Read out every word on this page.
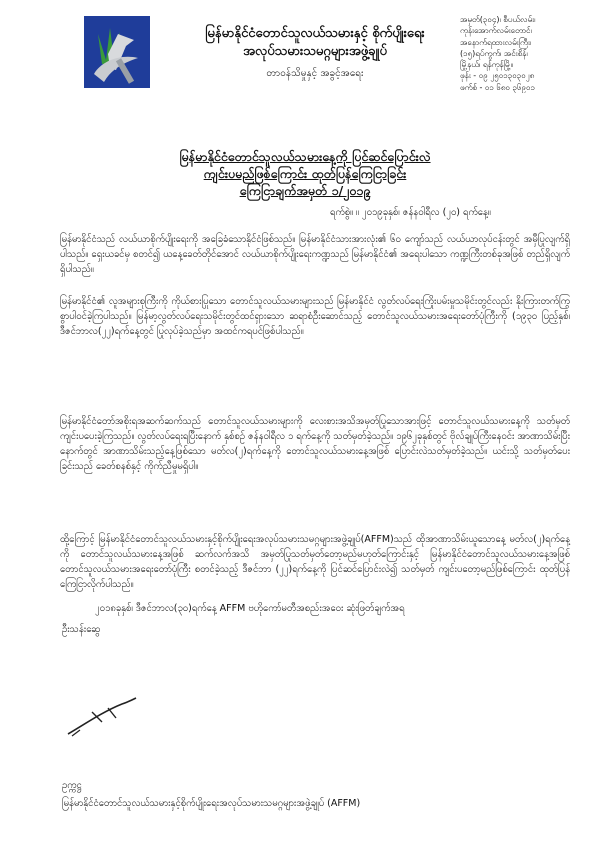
မြန်မာနိုင်ငံတောင်သူလယ်သမားနှင့် စိုက်ပျိုးရေး
အလုပ်သမားသမဂ္ဂများအဖွဲ့ချုပ်
တာဝန်သိမှုနှင့် အခွင့်အရေး
အမှတ်(၃၀၄)၊ စီပယ်လမ်း၊
ကုန်းအောက်လမ်းတောင်၊
အနောက်ရထားလမ်းကြီး၊
(၁၅)ရပ်ကွက်၊ အင်းစိန်၊
မြို့နယ်၊ ရန်ကုန်မြို့။
ဖုန်း - ၀၉ ၂၅၀၁၃၀၃၀၂၈
ဖက်စ် - ၀၁ ၆၈၀ ၃၆၉၀၁
မြန်မာနိုင်ငံတောင်သူလယ်သမားနေ့ကို ပြင်ဆင်ပြောင်းလဲ
ကျင်းပမည်ဖြစ်ကြောင်း ထုတ်ပြန်ကြေငြာခြင်း
ကြေငြာချက်အမှတ် ၁/၂၀၁၉
ရက်စွဲ။ ။ ၂၀၁၉ခုနှစ်၊ ဇန်နဝါရီလ (၂၀) ရက်နေ့။
မြန်မာနိုင်ငံသည် လယ်ယာစိုက်ပျိုးရေးကို အခြေခံသောနိုင်ငံဖြစ်သည်။ မြန်မာနိုင်ငံသားအားလုံး၏ ၆၀ ကျော်သည် လယ်ယာလုပ်ငန်းတွင် အမှီပြုလျက်ရှိပါသည်။ ရှေးယခင်မှ စတင်၍ ယနေ့ခေတ်တိုင်အောင် လယ်ယာစိုက်ပျိုးရေးကဏ္ဍသည် မြန်မာနိုင်ငံ၏ အရေးပါသော ကဏ္ဍကြီးတစ်ခုအဖြစ် တည်ရှိလျက်ရှိပါသည်။
မြန်မာနိုင်ငံ၏ လူအများစုကြီးကို ကိုယ်စားပြုသော တောင်သူလယ်သမားများသည် မြန်မာနိုင်ငံ လွတ်လပ်ရေးကြိုးပမ်းမှုသမိုင်းတွင်လည်း နိုးကြားတက်ကြွစွာပါဝင်ခဲ့ကြပါသည်။ မြန်မာ့လွတ်လပ်ရေးသမိုင်းတွင်ထင်ရှားသော ဆရာစံဦးဆောင်သည့် တောင်သူလယ်သမားအရေးတော်ပုံကြီးကို (၁၉၃၀ ပြည့်နှစ်၊ ဒီဇင်ဘာလ(၂၂)ရက်နေ့တွင် ပြုလုပ်ခဲ့သည်မှာ အထင်ကရပင်ဖြစ်ပါသည်။
မြန်မာနိုင်ငံတော်အစိုးရအဆက်ဆက်သည် တောင်သူလယ်သမားများကို လေးစားအသိအမှတ်ပြုသောအားဖြင့် တောင်သူလယ်သမားနေ့ကို သတ်မှတ်ကျင်းပပေးခဲ့ကြသည်။ လွတ်လပ်ရေးရပြီးနောက် နှစ်စဉ် ဇန်နဝါရီလ ၁ ရက်နေ့ကို သတ်မှတ်ခဲ့သည်။ ၁၉၆၂ခုနှစ်တွင် ဗိုလ်ချုပ်ကြီးနေဝင်း အာဏာသိမ်းပြီးနောက်တွင် အာဏာသိမ်းသည့်နေ့ဖြစ်သော မတ်လ(၂)ရက်နေ့ကို တောင်သူလယ်သမားနေ့အဖြစ် ပြောင်းလဲသတ်မှတ်ခဲ့သည်။ ယင်းသို့ သတ်မှတ်ပေးခြင်းသည် ခေတ်စနစ်နှင့် ကိုက်ညီမှုမရှိပါ။
ထို့ကြောင့် မြန်မာနိုင်ငံတောင်သူလယ်သမားနှင့်စိုက်ပျိုးရေးအလုပ်သမားသမဂ္ဂများအဖွဲ့ချုပ်(AFFM)သည် ထိုအာဏာသိမ်းယူသောနေ့ မတ်လ(၂)ရက်နေ့ကို တောင်သူလယ်သမားနေ့အဖြစ် ဆက်လက်အသိ အမှတ်ပြုသတ်မှတ်တော့မည်မဟုတ်ကြောင်းနှင့် မြန်မာနိုင်ငံတောင်သူလယ်သမားနေ့အဖြစ် တောင်သူလယ်သမားအရေးတော်ပုံကြီး စတင်ခဲ့သည့် ဒီဇင်ဘာ (၂၂)ရက်နေ့ကို ပြင်ဆင်ပြောင်းလဲ၍ သတ်မှတ် ကျင်းပတော့မည်ဖြစ်ကြောင်း ထုတ်ပြန် ကြေငြာလိုက်ပါသည်။
၂၀၁၈ခုနှစ်၊ ဒီဇင်ဘာလ(၃၀)ရက်နေ့ AFFM ဗဟိုကော်မတီအစည်းအဝေး ဆုံးဖြတ်ချက်အရ
ဦးသန်းဆွေ
ဥက္ကဋ္ဌ
မြန်မာနိုင်ငံတောင်သူလယ်သမားနှင့်စိုက်ပျိုးရေးအလုပ်သမားသမဂ္ဂများအဖွဲ့ချုပ် (AFFM)
